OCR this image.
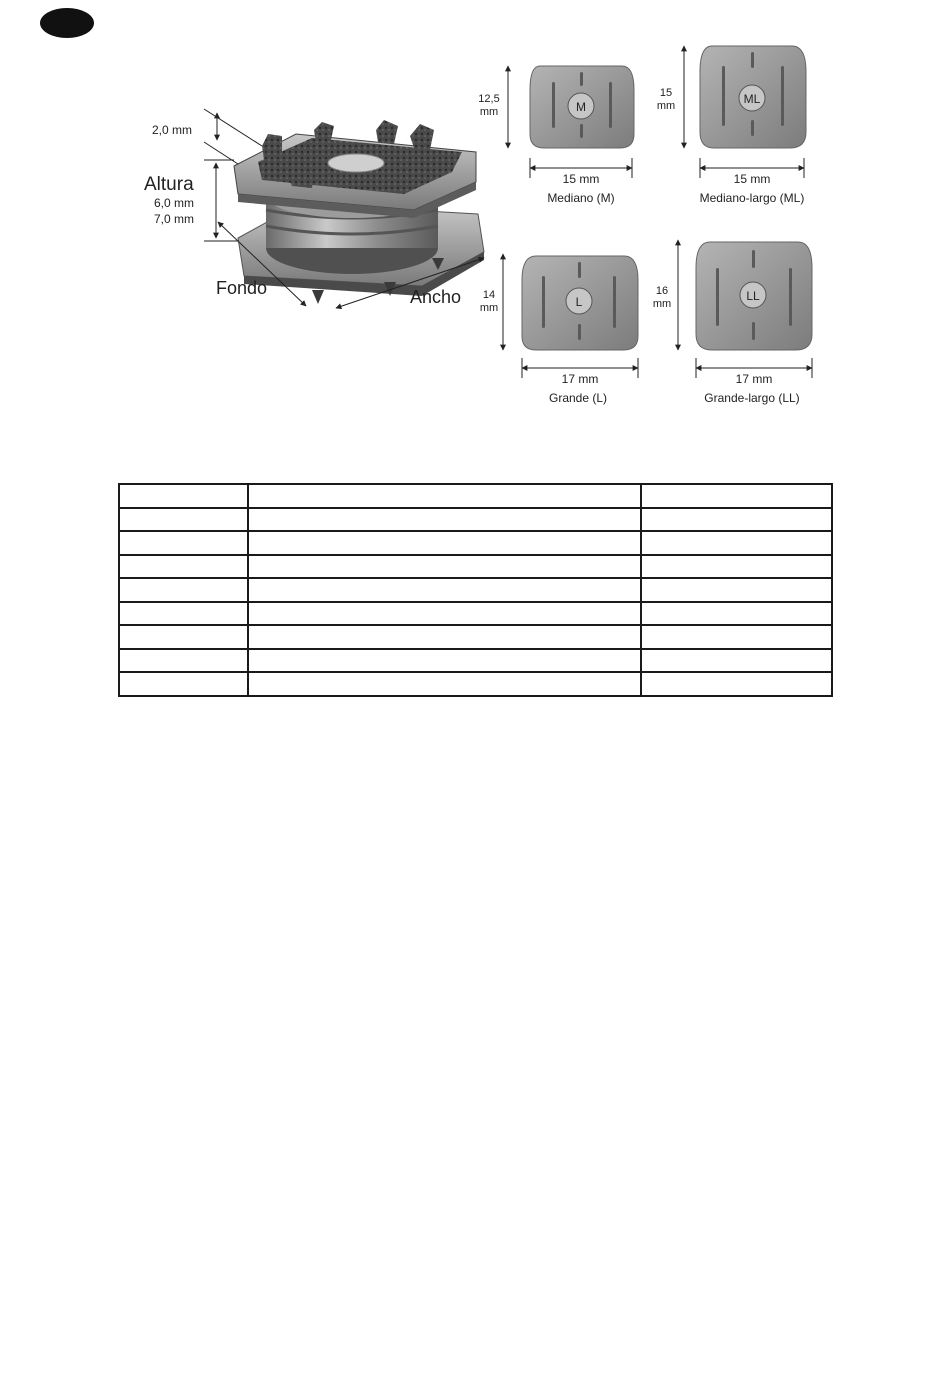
2,0 mm
Altura
6,0 mm
7,0 mm
Fondo	Ancho
M
12,5
mm
15 mm
Mediano (M)
ML
15
mm
15 mm
Mediano-largo (ML)
L
14
mm
17 mm
Grande (L)
LL
16
mm
17 mm
Grande-largo (LL)
